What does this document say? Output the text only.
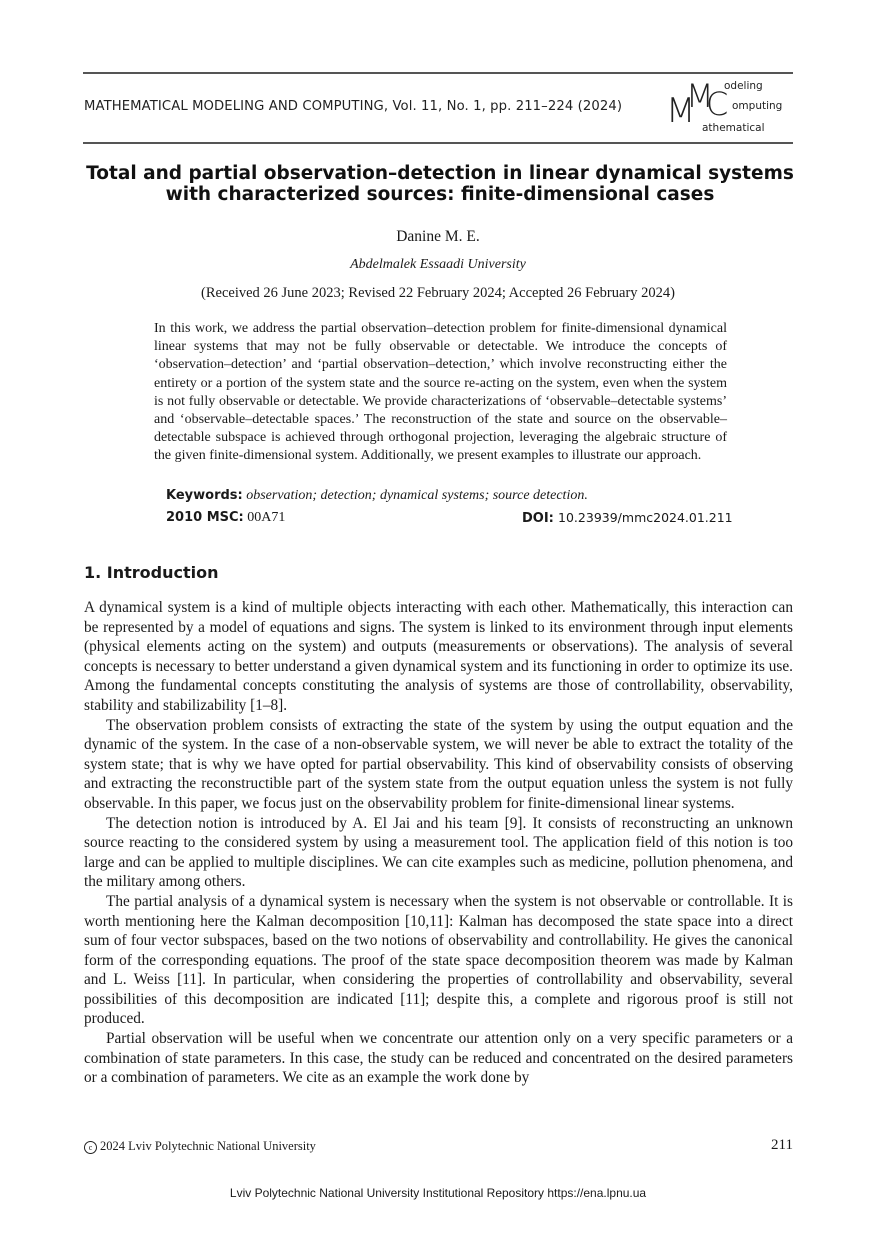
MATHEMATICAL MODELING AND COMPUTING, Vol. 11, No. 1, pp. 211–224 (2024) M
M
C
odeling
omputing
athematical
Total and partial observation–detection in linear dynamical systems
with characterized sources: finite-dimensional cases
Danine M. E.
Abdelmalek Essaadi University
(Received 26 June 2023; Revised 22 February 2024; Accepted 26 February 2024)
In this work, we address the partial observation–detection problem for finite-dimensional dynamical linear systems that may not be fully observable or detectable. We introduce the concepts of ‘observation–detection’ and ‘partial observation–detection,’ which involve reconstructing either the entirety or a portion of the system state and the source re-acting on the system, even when the system is not fully observable or detectable. We provide characterizations of ‘observable–detectable systems’ and ‘observable–detectable spaces.’ The reconstruction of the state and source on the observable–detectable subspace is achieved through orthogonal projection, leveraging the algebraic structure of the given finite-dimensional system. Additionally, we present examples to illustrate our approach.
Keywords: observation; detection; dynamical systems; source detection.
2010 MSC: 00A71	DOI: 10.23939/mmc2024.01.211
1. Introduction

A dynamical system is a kind of multiple objects interacting with each other. Mathematically, this interaction can be represented by a model of equations and signs. The system is linked to its environment through input elements (physical elements acting on the system) and outputs (measurements or observations). The analysis of several concepts is necessary to better understand a given dynamical system and its functioning in order to optimize its use. Among the fundamental concepts constituting the analysis of systems are those of controllability, observability, stability and stabilizability [1–8].

The observation problem consists of extracting the state of the system by using the output equation and the dynamic of the system. In the case of a non-observable system, we will never be able to extract the totality of the system state; that is why we have opted for partial observability. This kind of observability consists of observing and extracting the reconstructible part of the system state from the output equation unless the system is not fully observable. In this paper, we focus just on the observability problem for finite-dimensional linear systems.

The detection notion is introduced by A. El Jai and his team [9]. It consists of reconstructing an unknown source reacting to the considered system by using a measurement tool. The application field of this notion is too large and can be applied to multiple disciplines. We can cite examples such as medicine, pollution phenomena, and the military among others.

The partial analysis of a dynamical system is necessary when the system is not observable or controllable. It is worth mentioning here the Kalman decomposition [10,11]: Kalman has decomposed the state space into a direct sum of four vector subspaces, based on the two notions of observability and controllability. He gives the canonical form of the corresponding equations. The proof of the state space decomposition theorem was made by Kalman and L. Weiss [11]. In particular, when considering the properties of controllability and observability, several possibilities of this decomposition are indicated [11]; despite this, a complete and rigorous proof is still not produced.

Partial observation will be useful when we concentrate our attention only on a very specific parameters or a combination of state parameters. In this case, the study can be reduced and concentrated on the desired parameters or a combination of parameters. We cite as an example the work done by

c 2024 Lviv Polytechnic National University	211
Lviv Polytechnic National University Institutional Repository https://ena.lpnu.ua
